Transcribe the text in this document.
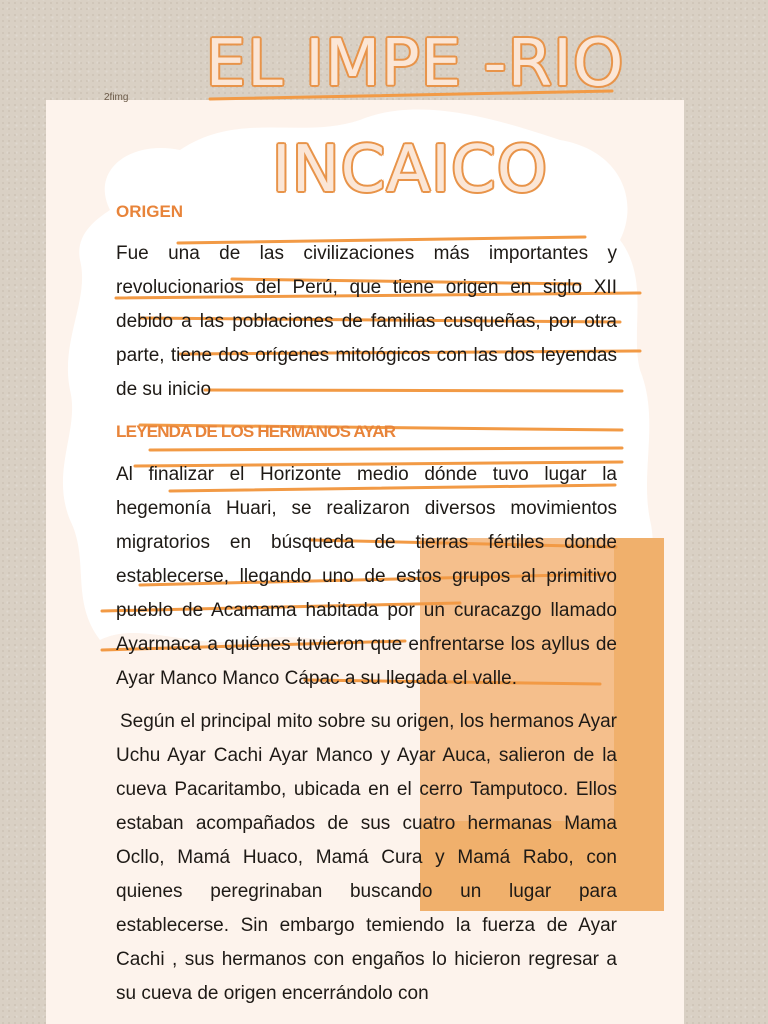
2fimg	EL IMPE -RIO
INCAICO
ORIGEN

Fue una de las civilizaciones más importantes y revolucionarios del Perú, que tiene origen en siglo XII debido a las poblaciones de familias cusqueñas, por otra parte, tiene dos orígenes mitológicos con las dos leyendas de su inicio

LEYENDA DE LOS HERMANOS AYAR

Al finalizar el Horizonte medio dónde tuvo lugar la hegemonía Huari, se realizaron diversos movimientos migratorios en búsqueda de tierras fértiles donde establecerse, llegando uno de estos grupos al primitivo pueblo de Acamama habitada por un curacazgo llamado Ayarmaca a quiénes tuvieron que enfrentarse los ayllus de Ayar Manco Manco Cápac a su llegada el valle.

Según el principal mito sobre su origen, los hermanos Ayar Uchu Ayar Cachi Ayar Manco y Ayar Auca, salieron de la cueva Pacaritambo, ubicada en el cerro Tamputoco. Ellos estaban acompañados de sus cuatro hermanas Mama Ocllo, Mamá Huaco, Mamá Cura y Mamá Rabo, con quienes peregrinaban buscando un lugar para establecerse. Sin embargo temiendo la fuerza de Ayar Cachi , sus hermanos con engaños lo hicieron regresar a su cueva de origen encerrándolo con
